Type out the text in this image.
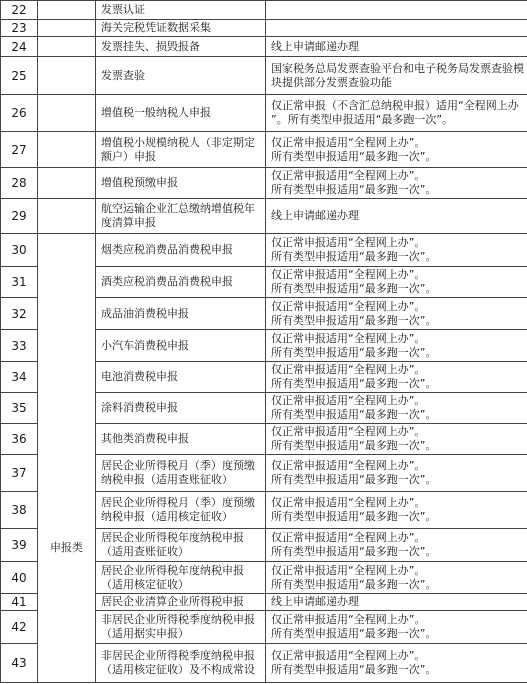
22		发票认证	

23		海关完税凭证数据采集	

24		发票挂失、损毁报备	线上申请邮递办理

25		发票查验	国家税务总局发票查验平台和电子税务局发票查验模
块提供部分发票查验功能

26		增值税一般纳税人申报	仅正常申报（不含汇总纳税申报）适用“全程网上办
”。所有类型申报适用“最多跑一次”。

27		增值税小规模纳税人（非定期定
额户）申报	仅正常申报适用“全程网上办”。
所有类型申报适用“最多跑一次”。

28		增值税预缴申报	仅正常申报适用“全程网上办”。
所有类型申报适用“最多跑一次”。

29		航空运输企业汇总缴纳增值税年
度清算申报	线上申请邮递办理

30	申报类	烟类应税消费品消费税申报	仅正常申报适用“全程网上办”。
所有类型申报适用“最多跑一次”。

31		酒类应税消费品消费税申报	仅正常申报适用“全程网上办”。
所有类型申报适用“最多跑一次”。

32		成品油消费税申报	仅正常申报适用“全程网上办”。
所有类型申报适用“最多跑一次”。

33		小汽车消费税申报	仅正常申报适用“全程网上办”。
所有类型申报适用“最多跑一次”。

34		电池消费税申报	仅正常申报适用“全程网上办”。
所有类型申报适用“最多跑一次”。

35		涂料消费税申报	仅正常申报适用“全程网上办”。
所有类型申报适用“最多跑一次”。

36		其他类消费税申报	仅正常申报适用“全程网上办”。
所有类型申报适用“最多跑一次”。

37		居民企业所得税月（季）度预缴
纳税申报（适用查账征收）	仅正常申报适用“全程网上办”。
所有类型申报适用“最多跑一次”。

38		居民企业所得税月（季）度预缴
纳税申报（适用核定征收）	仅正常申报适用“全程网上办”。
所有类型申报适用“最多跑一次”。

39		居民企业所得税年度纳税申报
（适用查账征收）	仅正常申报适用“全程网上办”。
所有类型申报适用“最多跑一次”。

40		居民企业所得税年度纳税申报
（适用核定征收）	仅正常申报适用“全程网上办”。
所有类型申报适用“最多跑一次”。

41		居民企业清算企业所得税申报	线上申请邮递办理

42		非居民企业所得税季度纳税申报
（适用据实申报）	仅正常申报适用“全程网上办”。
所有类型申报适用“最多跑一次”。

43		非居民企业所得税季度纳税申报
（适用核定征收）及不构成常设	仅正常申报适用“全程网上办”。
所有类型申报适用“最多跑一次”。
